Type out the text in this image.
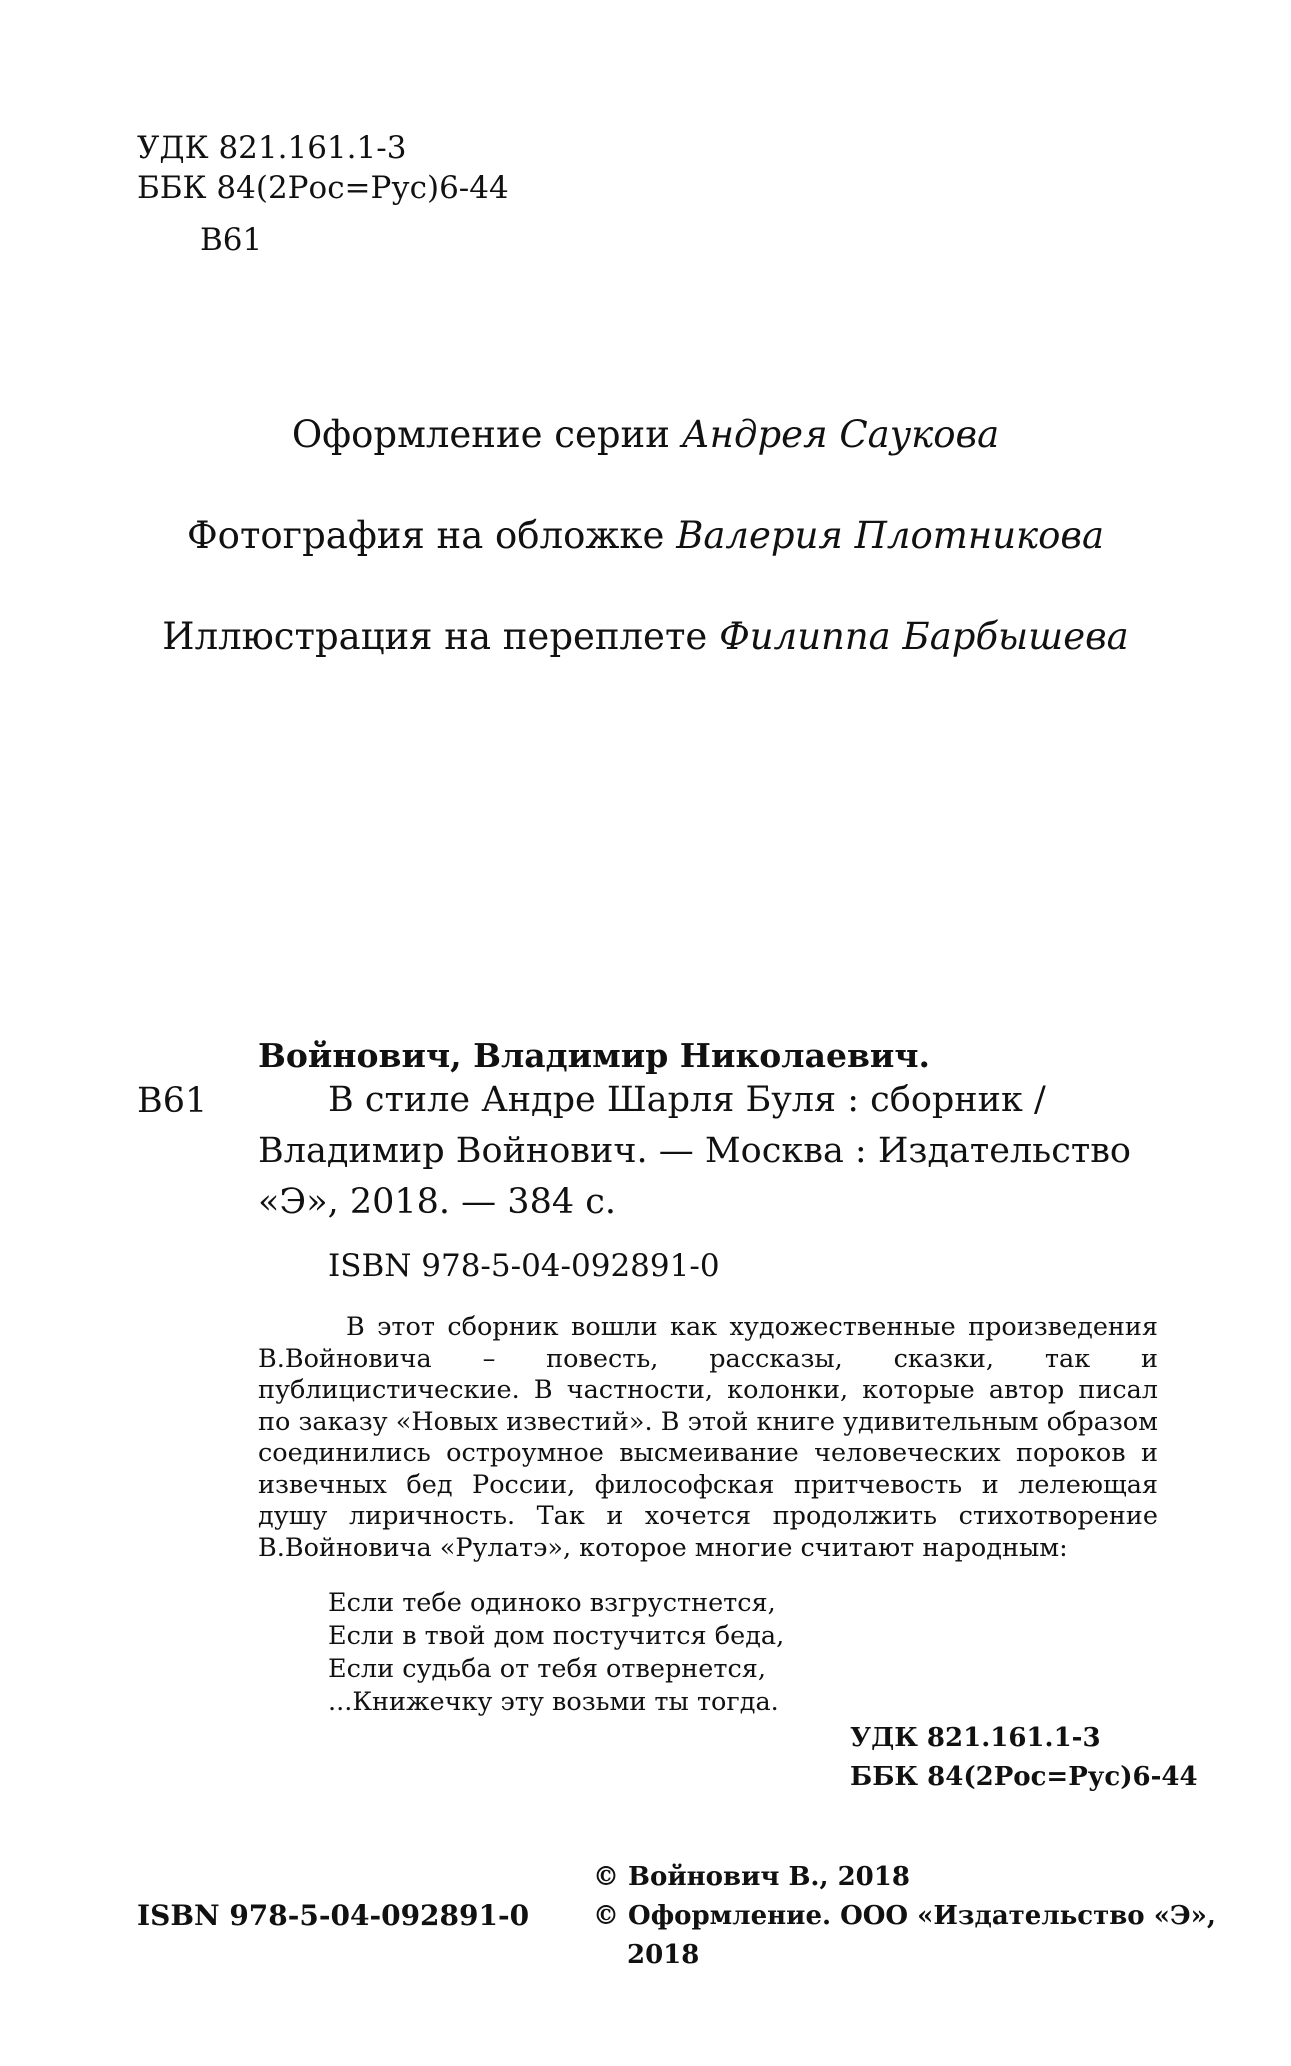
УДК 821.161.1-3
ББК 84(2Рос=Рус)6-44
В61
Оформление серии Андрея Саукова
Фотография на обложке Валерия Плотникова
Иллюстрация на переплете Филиппа Барбышева
Войнович, Владимир Николаевич.
В61	В стиле Андре Шарля Буля : сборник / Владимир Войнович. — Москва : Издательство «Э», 2018. — 384 с.
ISBN 978-5-04-092891-0

В этот сборник вошли как художественные произведения В.Войновича – повесть, рассказы, сказки, так и публицистические. В частности, колонки, которые автор писал по заказу «Новых известий». В этой книге удивительным образом соединились остроумное высмеивание человеческих пороков и извечных бед России, философская притчевость и лелеющая душу лиричность. Так и хочется продолжить стихотворение В.Войновича «Рулатэ», которое многие считают народным:

Если тебе одиноко взгрустнется,
Если в твой дом постучится беда,
Если судьба от тебя отвернется,
...Книжечку эту возьми ты тогда.
УДК 821.161.1-3
ББК 84(2Рос=Рус)6-44
© Войнович В., 2018
© Оформление. ООО «Издательство «Э»,
2018
ISBN 978-5-04-092891-0
